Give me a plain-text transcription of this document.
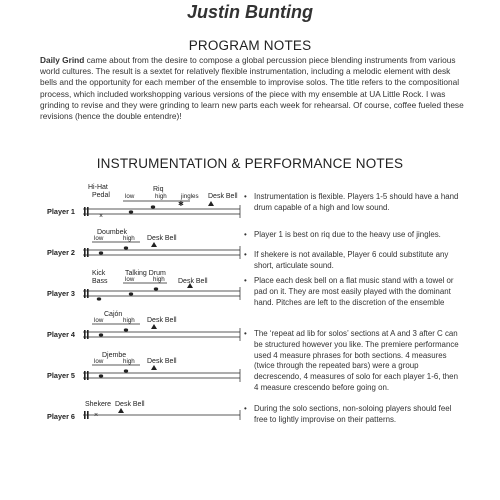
Justin Bunting
PROGRAM NOTES
Daily Grind came about from the desire to compose a global percussion piece blending instruments from various world cultures. The result is a sextet for relatively flexible instrumentation, including a melodic element with desk bells and the opportunity for each member of the ensemble to improvise solos. The title refers to the compositional process, which included workshopping various versions of the piece with my ensemble at UA Little Rock. I was grinding to revise and they were grinding to learn new parts each week for rehearsal. Of course, coffee fueled these revisions (hence the double entendre)!
INSTRUMENTATION & PERFORMANCE NOTES
×
✱
×
Player 1
Player 2
Player 3
Player 4
Player 5
Player 6
Hi-Hat	Riq
low	high jingles Desk Bell
Doumbek
low	high Desk Bell
Kick	Talking Drum
low	high Desk Bell
Cajón
low	high Desk Bell
Djembe
low	high Desk Bell
Shekere Desk Bell
Pedal
Bass
• Instrumentation is flexible. Players 1-5 should have a hand drum capable of a high and low sound.
• Player 1 is best on riq due to the heavy use of jingles.
• If shekere is not available, Player 6 could substitute any short, articulate sound.
• Place each desk bell on a flat music stand with a towel or pad on it. They are most easily played with the dominant hand. Pitches are left to the discretion of the ensemble
• The ‘repeat ad lib for solos’ sections at A and 3 after C can be structured however you like. The premiere performance used 4 measure phrases for both sections. 4 measures (twice through the repeated bars) were a group decrescendo, 4 measures of solo for each player 1-6, then 4 measure crescendo before going on.
• During the solo sections, non-soloing players should feel free to lightly improvise on their patterns.
